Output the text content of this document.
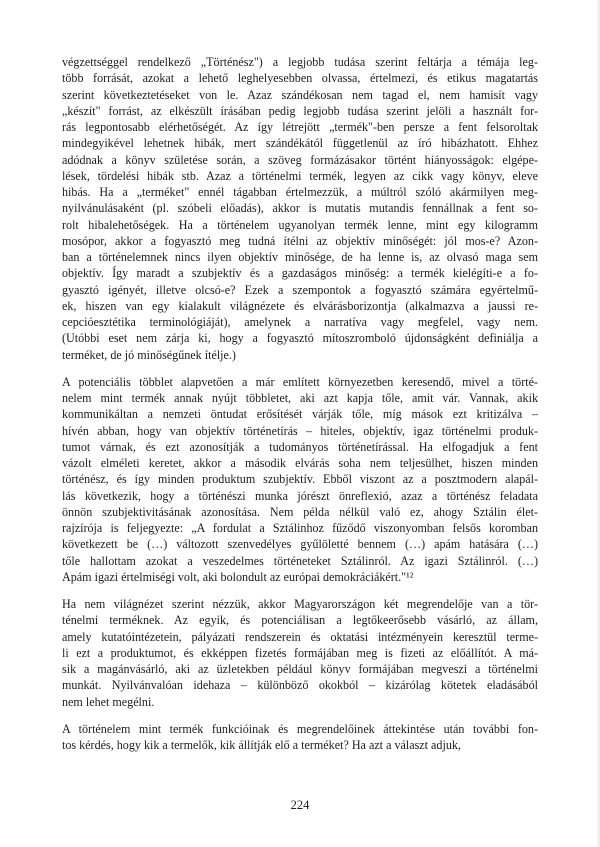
végzettséggel rendelkező „Történész") a legjobb tudása szerint feltárja a témája leg-
több forrását, azokat a lehető leghelyesebben olvassa, értelmezi, és etikus magatartás
szerint következtetéseket von le. Azaz szándékosan nem tagad el, nem hamisít vagy
„készít" forrást, az elkészült írásában pedig legjobb tudása szerint jelöli a használt for-
rás legpontosabb elérhetőségét. Az így létrejött „termék"-ben persze a fent felsoroltak
mindegyikével lehetnek hibák, mert szándékától függetlenül az író hibázhatott. Ehhez
adódnak a könyv születése során, a szöveg formázásakor történt hiányosságok: elgépe-
lések, tördelési hibák stb. Azaz a történelmi termék, legyen az cikk vagy könyv, eleve
hibás. Ha a „terméket" ennél tágabban értelmezzük, a múltról szóló akármilyen meg-
nyilvánulásaként (pl. szóbeli előadás), akkor is mutatis mutandis fennállnak a fent so-
rolt hibalehetőségek. Ha a történelem ugyanolyan termék lenne, mint egy kilogramm
mosópor, akkor a fogyasztó meg tudná ítélni az objektív minőségét: jól mos-e? Azon-
ban a történelemnek nincs ilyen objektív minősége, de ha lenne is, az olvasó maga sem
objektív. Így maradt a szubjektív és a gazdaságos minőség: a termék kielégíti-e a fo-
gyasztó igényét, illetve olcsó-e? Ezek a szempontok a fogyasztó számára egyértelmű-
ek, hiszen van egy kialakult világnézete és elvárásborizontja (alkalmazva a jaussi re-
cepcióesztétika terminológiáját), amelynek a narratíva vagy megfelel, vagy nem.
(Utóbbi eset nem zárja ki, hogy a fogyasztó mítoszromboló újdonságként definiálja a
terméket, de jó minőségűnek ítélje.)

A potenciális többlet alapvetően a már említett környezetben keresendő, mivel a törté-
nelem mint termék annak nyújt többletet, aki azt kapja tőle, amit vár. Vannak, akik
kommunikáltan a nemzeti öntudat erősítését várják tőle, míg mások ezt kritizálva –
hívén abban, hogy van objektív történetírás – hiteles, objektív, igaz történelmi produk-
tumot várnak, és ezt azonosítják a tudományos történetírással. Ha elfogadjuk a fent
vázolt elméleti keretet, akkor a második elvárás soha nem teljesülhet, hiszen minden
történész, és így minden produktum szubjektív. Ebből viszont az a posztmodern alapál-
lás következik, hogy a történészi munka jórészt önreflexió, azaz a történész feladata
önnön szubjektivitásának azonosítása. Nem példa nélkül való ez, ahogy Sztálin élet-
rajzírója is feljegyezte: „A fordulat a Sztálinhoz fűződő viszonyomban felsős koromban
következett be (…) változott szenvedélyes gyűlöletté bennem (…) apám hatására (…)
tőle hallottam azokat a veszedelmes történeteket Sztálinról. Az igazi Sztálinról. (…)
Apám igazi értelmiségi volt, aki bolondult az európai demokráciákért."¹²

Ha nem világnézet szerint nézzük, akkor Magyarországon két megrendelője van a tör-
ténelmi terméknek. Az egyik, és potenciálisan a legtőkeerősebb vásárló, az állam,
amely kutatóintézetein, pályázati rendszerein és oktatási intézményein keresztül terme-
li ezt a produktumot, és ekképpen fizetés formájában meg is fizeti az előállítót. A má-
sik a magánvásárló, aki az üzletekben például könyv formájában megveszi a történelmi
munkát. Nyilvánvalóan idehaza – különböző okokból – kizárólag kötetek eladásából
nem lehet megélni.

A történelem mint termék funkcióinak és megrendelőinek áttekintése után további fon-
tos kérdés, hogy kik a termelők, kik állítják elő a terméket? Ha azt a választ adjuk,

224
